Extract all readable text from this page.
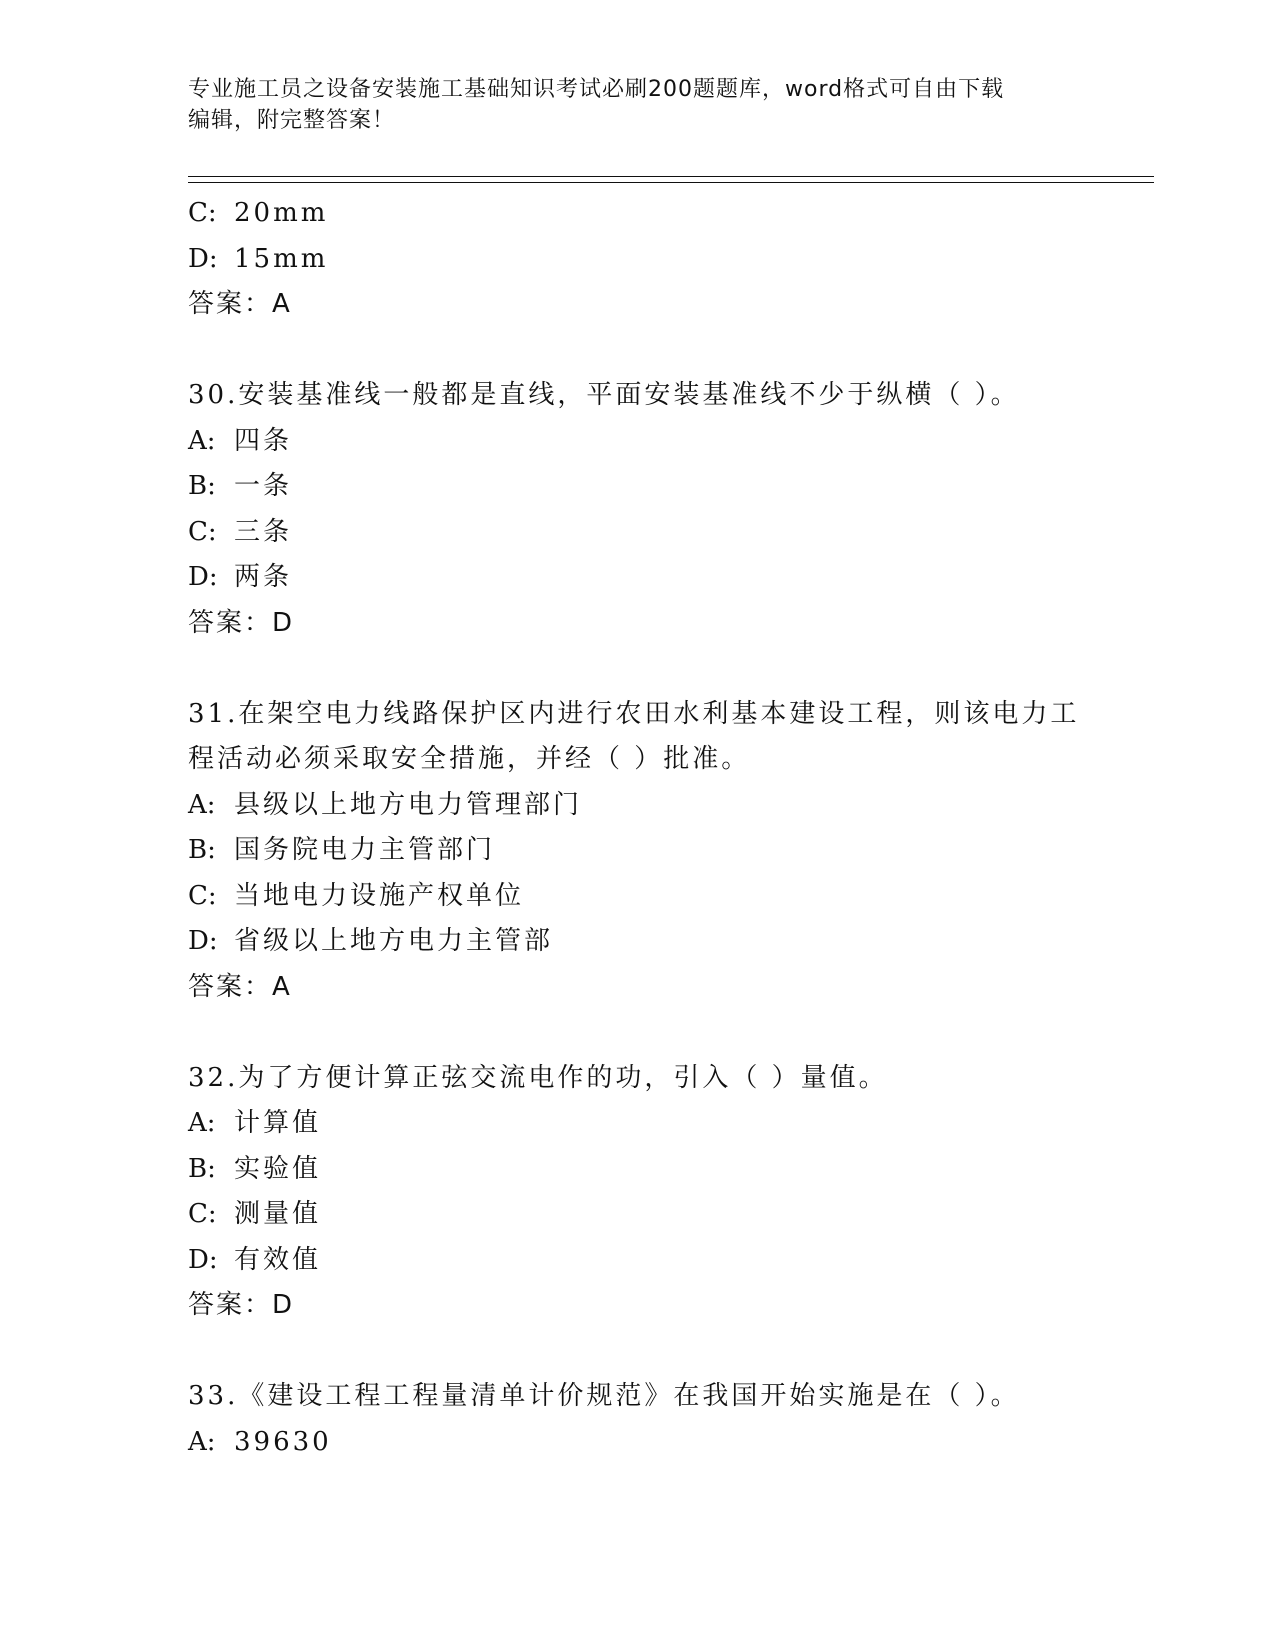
专业施工员之设备安装施工基础知识考试必刷200题题库，word格式可自由下载
编辑，附完整答案！
C: 20mm
D: 15mm
答案：A
30.安装基准线一般都是直线，平面安装基准线不少于纵横（ ）。
A: 四条
B: 一条
C: 三条
D: 两条
答案：D
31.在架空电力线路保护区内进行农田水利基本建设工程，则该电力工
程活动必须采取安全措施，并经（ ）批准。
A: 县级以上地方电力管理部门
B: 国务院电力主管部门
C: 当地电力设施产权单位
D: 省级以上地方电力主管部
答案：A
32.为了方便计算正弦交流电作的功，引入（ ）量值。
A: 计算值
B: 实验值
C: 测量值
D: 有效值
答案：D
33.《建设工程工程量清单计价规范》在我国开始实施是在（ ）。
A: 39630
